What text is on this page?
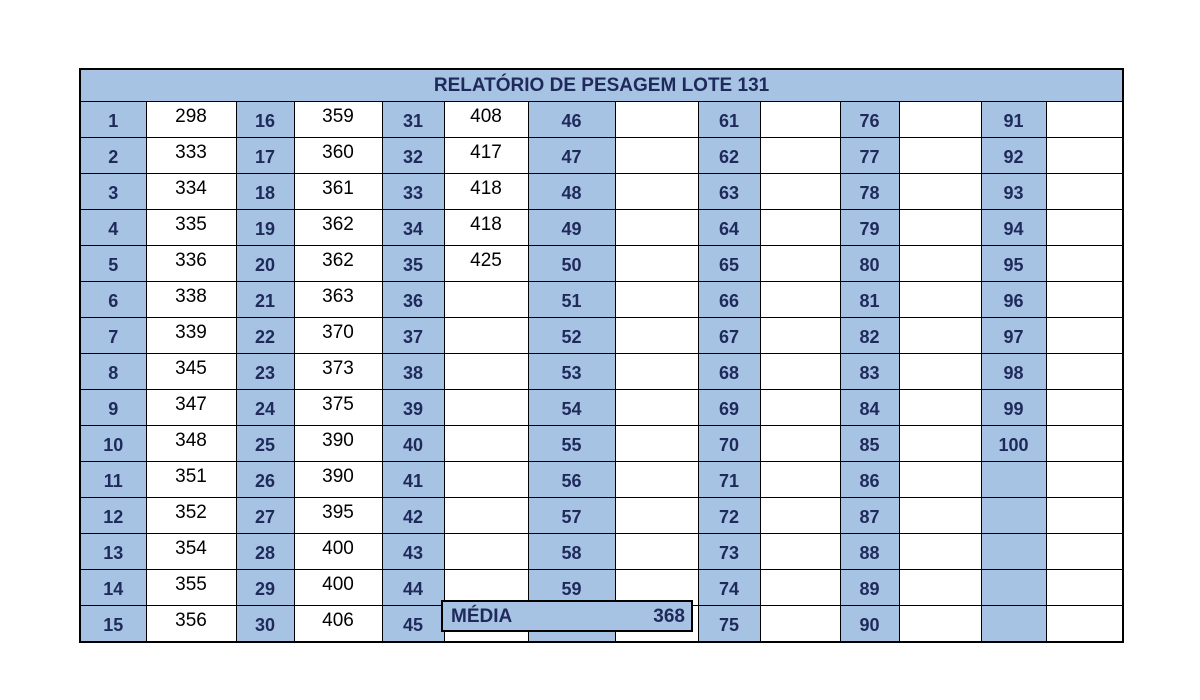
RELATÓRIO DE PESAGEM LOTE 131													
1	298	16	359	31	408	46		61		76		91	
2	333	17	360	32	417	47		62		77		92	
3	334	18	361	33	418	48		63		78		93	
4	335	19	362	34	418	49		64		79		94	
5	336	20	362	35	425	50		65		80		95	
6	338	21	363	36		51		66		81		96	
7	339	22	370	37		52		67		82		97	
8	345	23	373	38		53		68		83		98	
9	347	24	375	39		54		69		84		99	
10	348	25	390	40		55		70		85		100	
11	351	26	390	41		56		71		86			
12	352	27	395	42		57		72		87			
13	354	28	400	43		58		73		88			
14	355	29	400	44		59		74		89			
15	356	30	406	45				75		90			
MÉDIA	368
